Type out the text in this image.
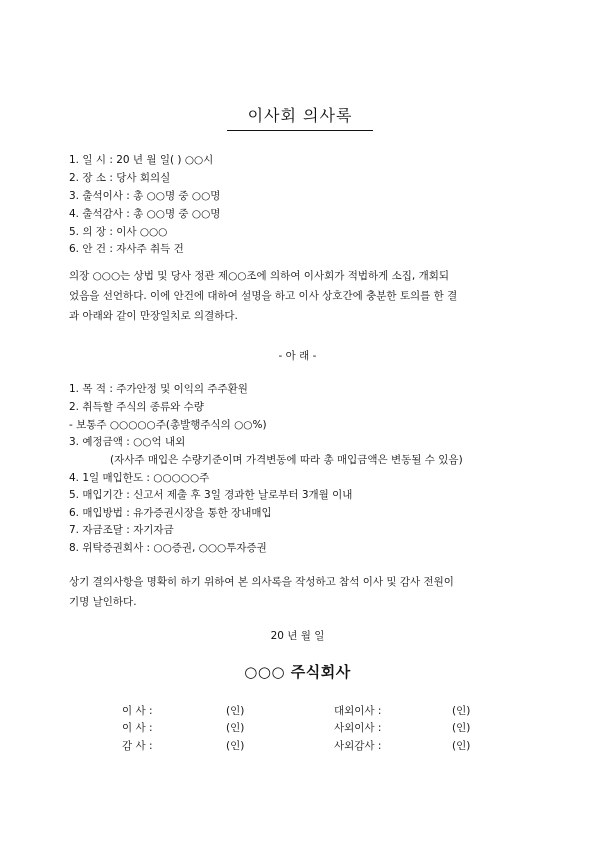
이사회 의사록
1. 일 시 : 20 년 월 일( ) ○○시
2. 장 소 : 당사 회의실
3. 출석이사 : 총 ○○명 중 ○○명
4. 출석감사 : 총 ○○명 중 ○○명
5. 의 장 : 이사 ○○○
6. 안 건 : 자사주 취득 건
의장 ○○○는 상법 및 당사 정관 제○○조에 의하여 이사회가 적법하게 소집, 개회되
었음을 선언하다. 이에 안건에 대하여 설명을 하고 이사 상호간에 충분한 토의를 한 결
과 아래와 같이 만장일치로 의결하다.
- 아 래 -
1. 목 적 : 주가안정 및 이익의 주주환원
2. 취득할 주식의 종류와 수량
- 보통주 ○○○○○주(총발행주식의 ○○%)
3. 예정금액 : ○○억 내외
(자사주 매입은 수량기준이며 가격변동에 따라 총 매입금액은 변동될 수 있음)
4. 1일 매입한도 : ○○○○○주
5. 매입기간 : 신고서 제출 후 3일 경과한 날로부터 3개월 이내
6. 매입방법 : 유가증권시장을 통한 장내매입
7. 자금조달 : 자기자금
8. 위탁증권회사 : ○○증권, ○○○투자증권
상기 결의사항을 명확히 하기 위하여 본 의사록을 작성하고 참석 이사 및 감사 전원이
기명 날인하다.
20 년 월 일
○○○ 주식회사
이 사 :	(인)	대외이사 :	(인)
이 사 :	(인)	사외이사 :	(인)
감 사 :	(인)	사외감사 :	(인)
